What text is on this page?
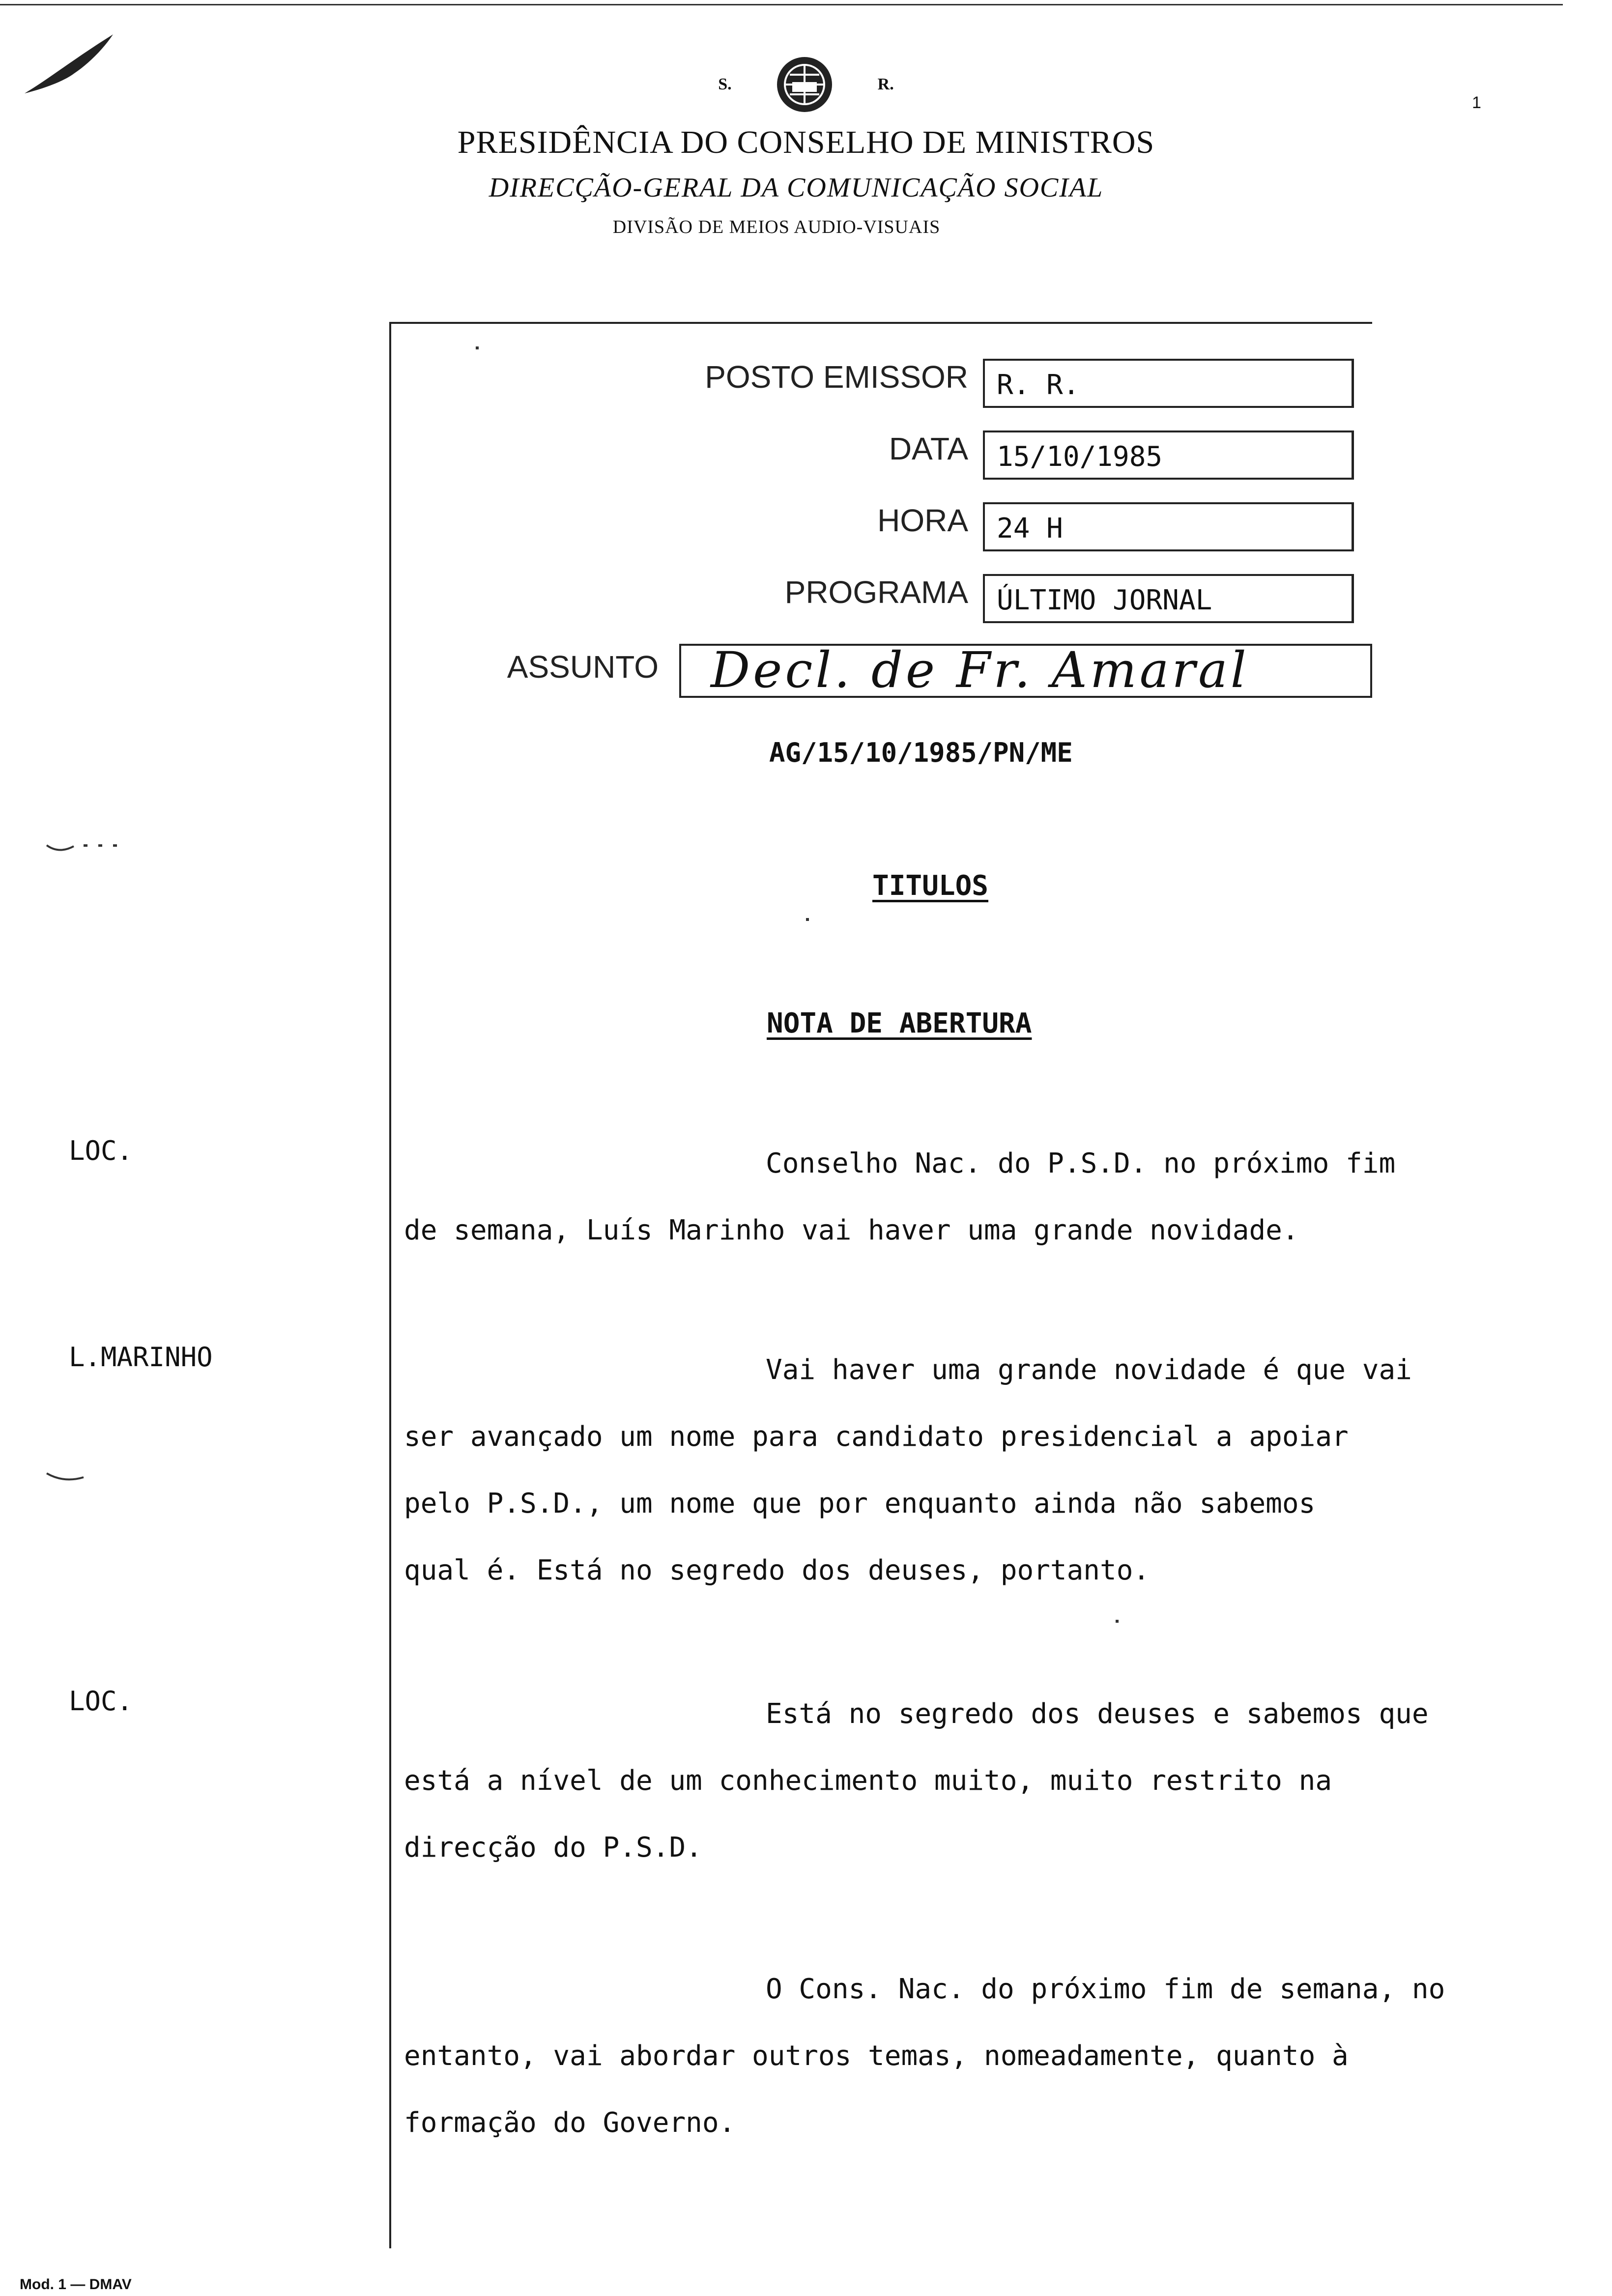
S.	R.
PRESIDÊNCIA DO CONSELHO DE MINISTROS
DIRECÇÃO-GERAL DA COMUNICAÇÃO SOCIAL
DIVISÃO DE MEIOS AUDIO-VISUAIS
1
POSTO EMISSOR	R. R.
DATA	15/10/1985
HORA	24 H
PROGRAMA	ÚLTIMO JORNAL
ASSUNTO	Decl. de Fr. Amaral
AG/15/10/1985/PN/ME
TITULOS
NOTA DE ABERTURA
LOC.
L.MARINHO
LOC.
Conselho Nac. do P.S.D. no próximo fim
de semana, Luís Marinho vai haver uma grande novidade.
Vai haver uma grande novidade é que vai
ser avançado um nome para candidato presidencial a apoiar
pelo P.S.D., um nome que por enquanto ainda não sabemos
qual é. Está no segredo dos deuses, portanto.
Está no segredo dos deuses e sabemos que
está a nível de um conhecimento muito, muito restrito na
direcção do P.S.D.
O Cons. Nac. do próximo fim de semana, no
entanto, vai abordar outros temas, nomeadamente, quanto à
formação do Governo.
Mod. 1 — DMAV
